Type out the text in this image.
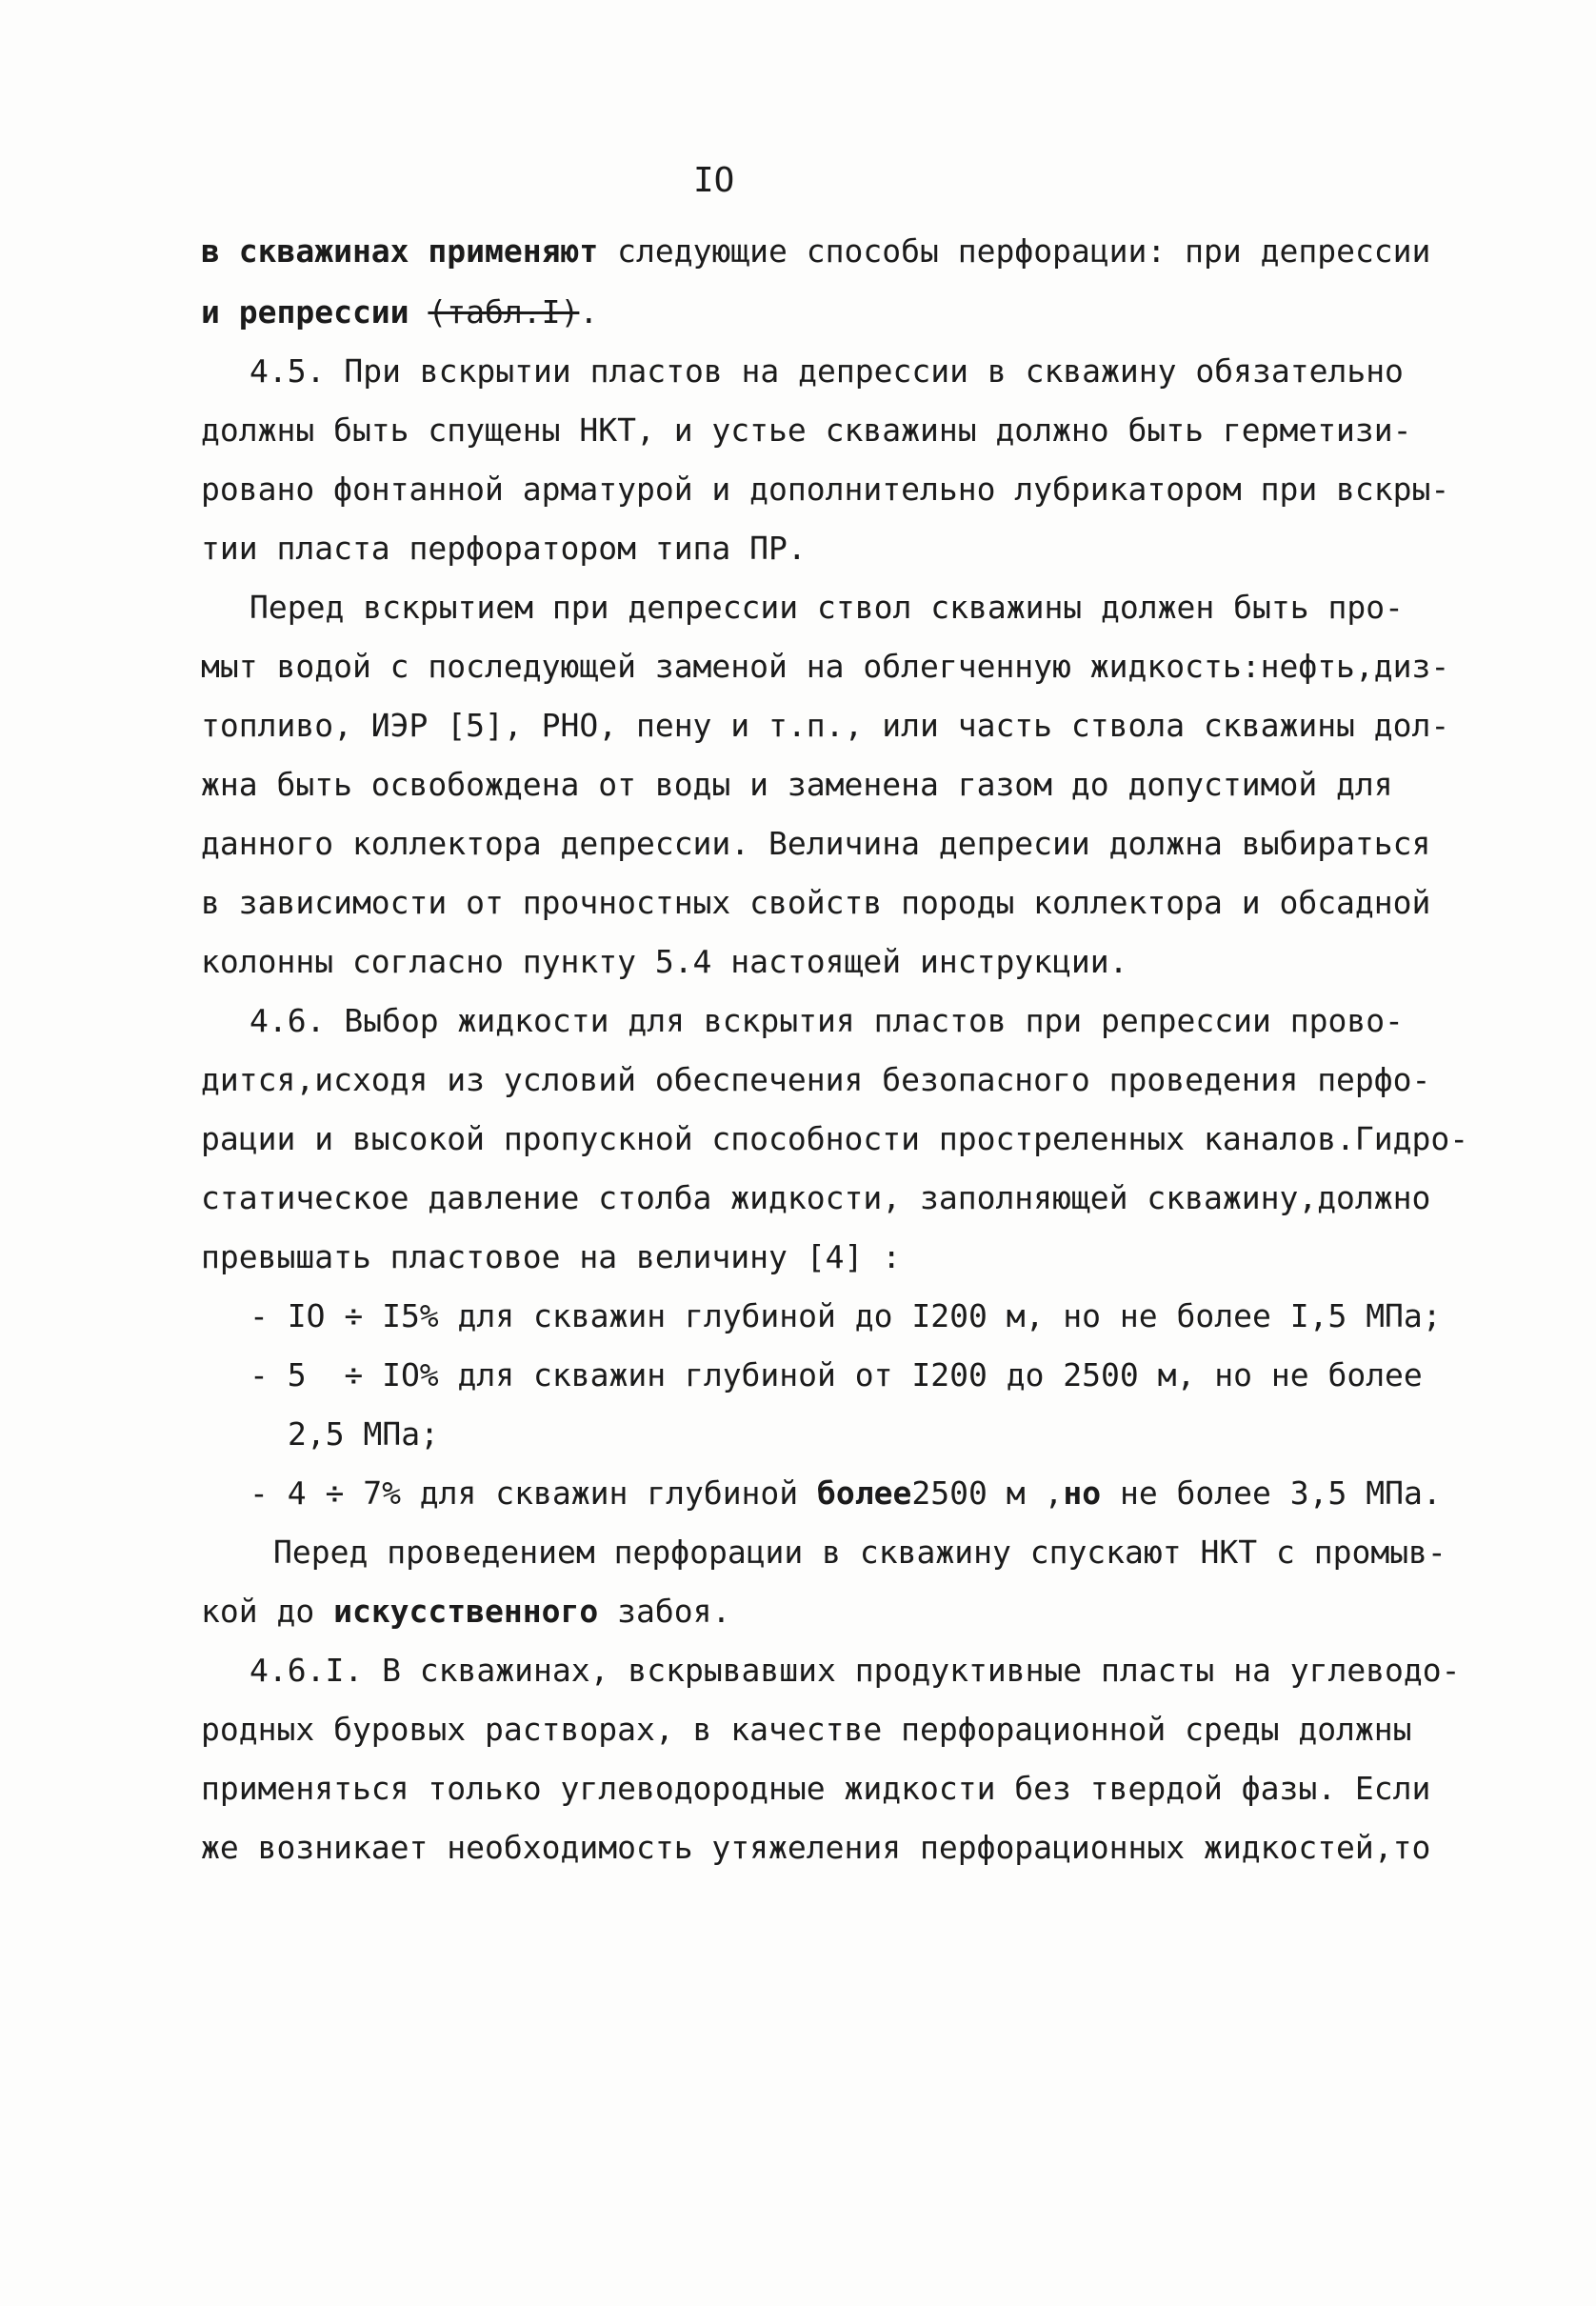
IO
в скважинах применяют следующие способы перфорации: при депрессии
и репрессии (табл.I).
4.5. При вскрытии пластов на депрессии в скважину обязательно
должны быть спущены НКТ, и устье скважины должно быть герметизи-
ровано фонтанной арматурой и дополнительно лубрикатором при вскры-
тии пласта перфоратором типа ПР.
Перед вскрытием при депрессии ствол скважины должен быть про-
мыт водой с последующей заменой на облегченную жидкость:нефть,диз-
топливо, ИЭР [5], РНО, пену и т.п., или часть ствола скважины дол-
жна быть освобождена от воды и заменена газом до допустимой для
данного коллектора депрессии. Величина депресии должна выбираться
в зависимости от прочностных свойств породы коллектора и обсадной
колонны согласно пункту 5.4 настоящей инструкции.
4.6. Выбор жидкости для вскрытия пластов при репрессии прово-
дится,исходя из условий обеспечения безопасного проведения перфо-
рации и высокой пропускной способности простреленных каналов.Гидро-
статическое давление столба жидкости, заполняющей скважину,должно
превышать пластовое на величину [4] :
- IO ÷ I5% для скважин глубиной до I200 м, но не более I,5 МПа;
- 5  ÷ IO% для скважин глубиной от I200 до 2500 м, но не более
2,5 МПа;
- 4 ÷ 7% для скважин глубиной более2500 м ,но не более 3,5 МПа.
Перед проведением перфорации в скважину спускают НКТ с промыв-
кой до искусственного забоя.
4.6.I. В скважинах, вскрывавших продуктивные пласты на углеводо-
родных буровых растворах, в качестве перфорационной среды должны
применяться только углеводородные жидкости без твердой фазы. Если
же возникает необходимость утяжеления перфорационных жидкостей,то
